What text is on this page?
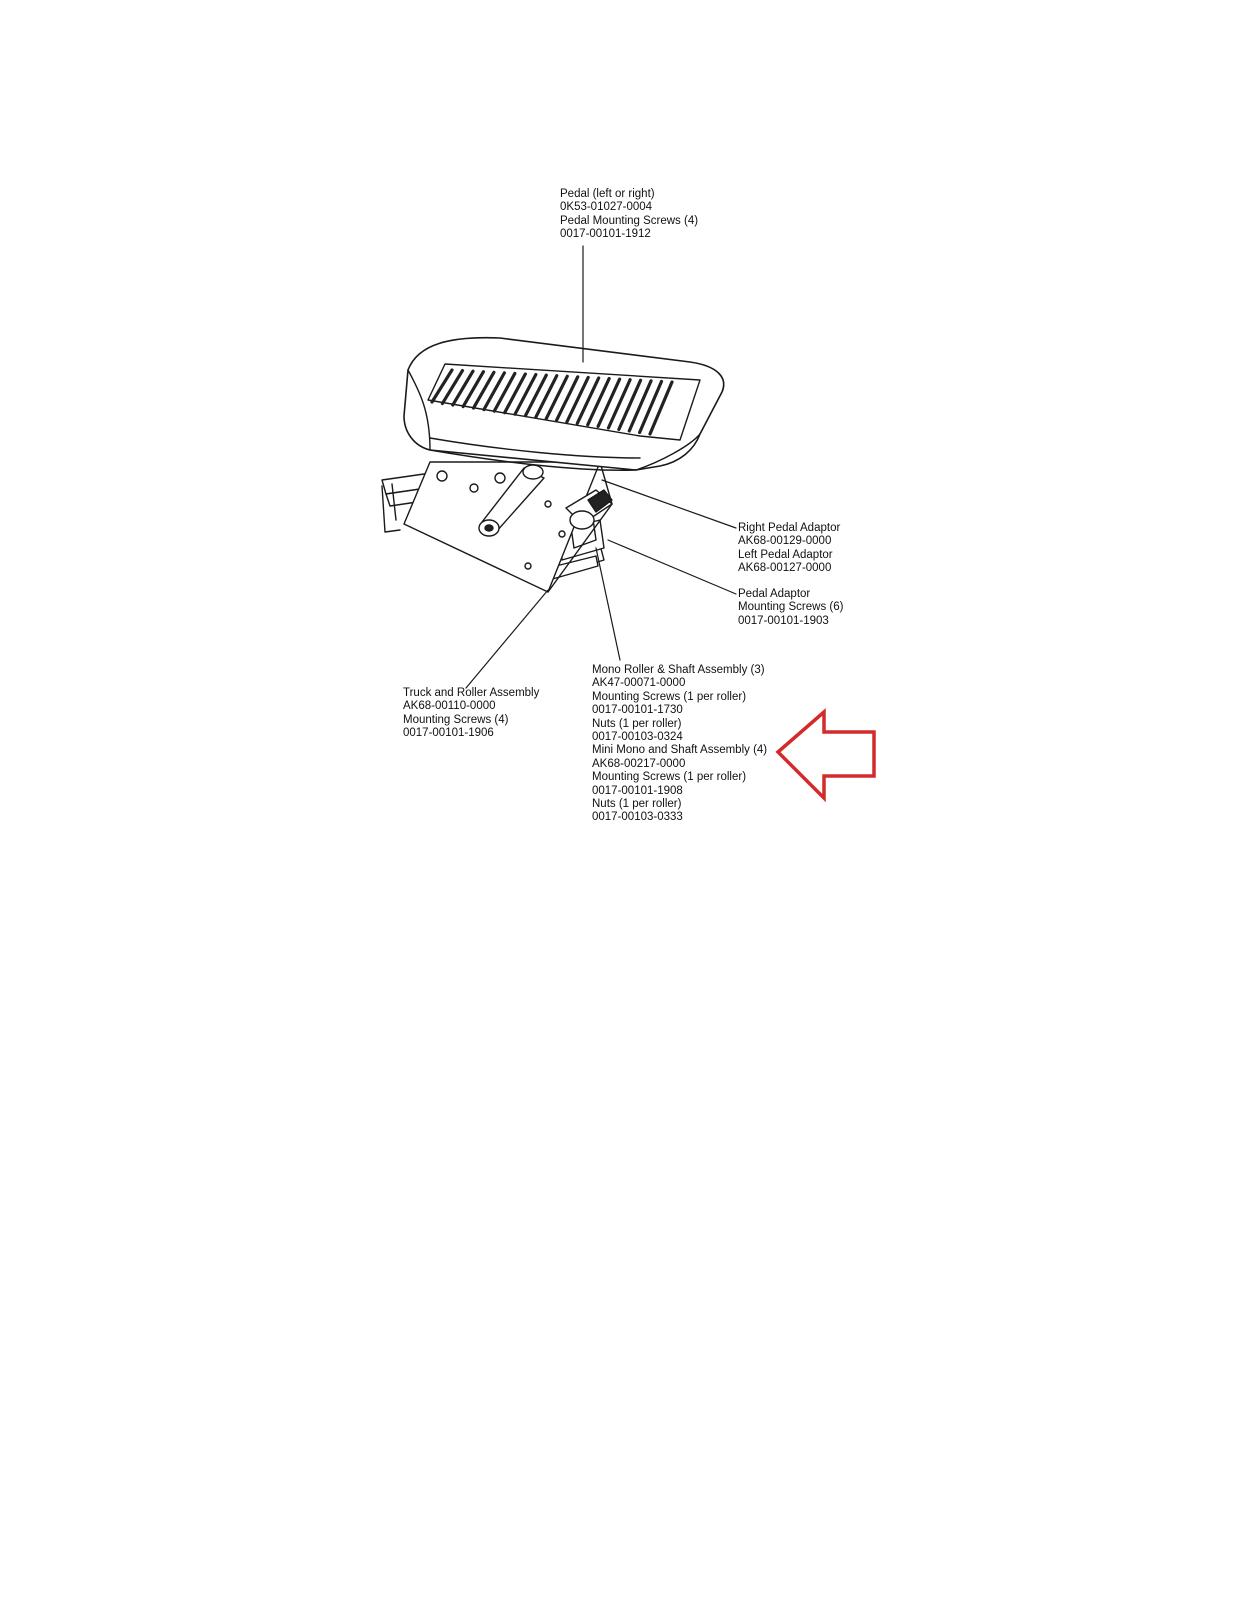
Pedal (left or right)
0K53-01027-0004
Pedal Mounting Screws (4)
0017-00101-1912
Right Pedal Adaptor
AK68-00129-0000
Left Pedal Adaptor
AK68-00127-0000
Pedal Adaptor
Mounting Screws (6)
0017-00101-1903
Truck and Roller Assembly
AK68-00110-0000
Mounting Screws (4)
0017-00101-1906
Mono Roller & Shaft Assembly (3)
AK47-00071-0000
Mounting Screws (1 per roller)
0017-00101-1730
Nuts (1 per roller)
0017-00103-0324
Mini Mono and Shaft Assembly (4)
AK68-00217-0000
Mounting Screws (1 per roller)
0017-00101-1908
Nuts (1 per roller)
0017-00103-0333
